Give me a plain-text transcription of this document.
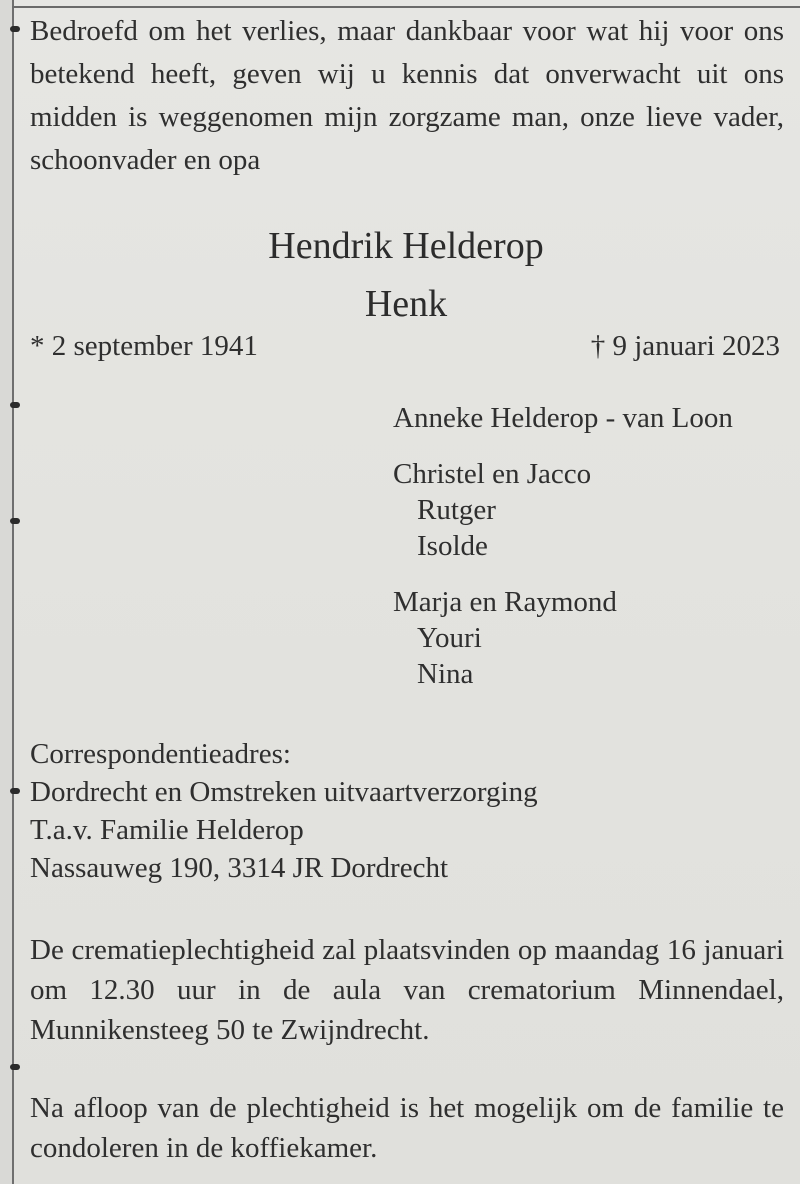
Bedroefd om het verlies, maar dankbaar voor wat hij voor ons betekend heeft, geven wij u kennis dat onverwacht uit ons midden is weggenomen mijn zorgzame man, onze lieve vader, schoonvader en opa
Hendrik Helderop
Henk
* 2 september 1941	† 9 januari 2023
Anneke Helderop - van Loon
Christel en Jacco
Rutger
Isolde
Marja en Raymond
Youri
Nina
Correspondentieadres:
Dordrecht en Omstreken uitvaartverzorging
T.a.v. Familie Helderop
Nassauweg 190, 3314 JR Dordrecht
De crematieplechtigheid zal plaatsvinden op maandag 16 januari om 12.30 uur in de aula van crematorium Minnendael, Munnikensteeg 50 te Zwijndrecht.
Na afloop van de plechtigheid is het mogelijk om de familie te condoleren in de koffiekamer.
